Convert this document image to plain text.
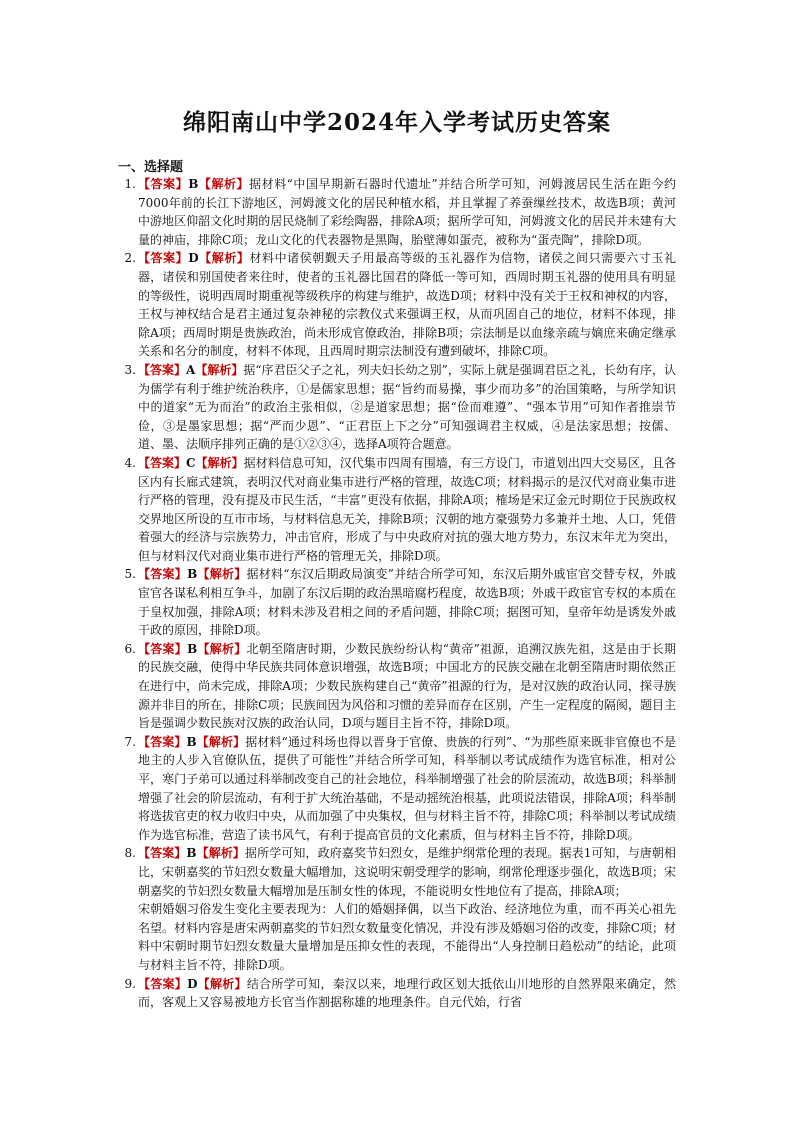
绵阳南山中学2024年入学考试历史答案
一、选择题

1. 【答案】B【解析】据材料“中国早期新石器时代遗址”并结合所学可知，河姆渡居民生活在距今约7000年前的长江下游地区，河姆渡文化的居民种植水稻，并且掌握了养蚕缫丝技术，故选B项；黄河中游地区仰韶文化时期的居民烧制了彩绘陶器，排除A项；据所学可知，河姆渡文化的居民并未建有大量的神庙，排除C项；龙山文化的代表器物是黑陶，胎壁薄如蛋壳，被称为“蛋壳陶”，排除D项。

2. 【答案】D【解析】材料中诸侯朝觐天子用最高等级的玉礼器作为信物，诸侯之间只需要六寸玉礼器，诸侯和别国使者来往时，使者的玉礼器比国君的降低一等可知，西周时期玉礼器的使用具有明显的等级性，说明西周时期重视等级秩序的构建与维护，故选D项；材料中没有关于王权和神权的内容，王权与神权结合是君主通过复杂神秘的宗教仪式来强调王权，从而巩固自己的地位，材料不体现，排除A项；西周时期是贵族政治，尚未形成官僚政治，排除B项；宗法制是以血缘亲疏与嫡庶来确定继承关系和名分的制度，材料不体现，且西周时期宗法制没有遭到破坏，排除C项。

3. 【答案】A【解析】据“序君臣父子之礼，列夫妇长幼之别”，实际上就是强调君臣之礼，长幼有序，认为儒学有利于维护统治秩序，①是儒家思想；据“旨约而易操，事少而功多”的治国策略，与所学知识中的道家“无为而治”的政治主张相似，②是道家思想；据“俭而难遵”、“强本节用”可知作者推崇节俭，③是墨家思想；据“严而少恩”、“正君臣上下之分”可知强调君主权威，④是法家思想；按儒、道、墨、法顺序排列正确的是①②③④，选择A项符合题意。

4. 【答案】C【解析】据材料信息可知，汉代集市四周有围墙，有三方设门，市道划出四大交易区，且各区内有长廊式建筑，表明汉代对商业集市进行严格的管理，故选C项；材料揭示的是汉代对商业集市进行严格的管理，没有提及市民生活，“丰富”更没有依据，排除A项；榷场是宋辽金元时期位于民族政权交界地区所设的互市市场，与材料信息无关，排除B项；汉朝的地方豪强势力多兼并土地、人口，凭借着强大的经济与宗族势力，冲击官府，形成了与中央政府对抗的强大地方势力，东汉末年尤为突出，但与材料汉代对商业集市进行严格的管理无关，排除D项。

5. 【答案】B【解析】据材料“东汉后期政局演变”并结合所学可知，东汉后期外戚宦官交替专权，外戚宦官各谋私利相互争斗，加剧了东汉后期的政治黑暗腐朽程度，故选B项；外戚干政宦官专权的本质在于皇权加强，排除A项；材料未涉及君相之间的矛盾问题，排除C项；据图可知，皇帝年幼是诱发外戚干政的原因，排除D项。

6. 【答案】B【解析】北朝至隋唐时期，少数民族纷纷认构“黄帝”祖源，追溯汉族先祖，这是由于长期的民族交融，使得中华民族共同体意识增强，故选B项；中国北方的民族交融在北朝至隋唐时期依然正在进行中，尚未完成，排除A项；少数民族构建自己“黄帝”祖源的行为，是对汉族的政治认同，探寻族源并非目的所在，排除C项；民族间因为风俗和习惯的差异而存在区别，产生一定程度的隔阂，题目主旨是强调少数民族对汉族的政治认同，D项与题目主旨不符，排除D项。

7. 【答案】B【解析】据材料“通过科场也得以晋身于官僚、贵族的行列”、“为那些原来既非官僚也不是地主的人步入官僚队伍，提供了可能性”并结合所学可知，科举制以考试成绩作为选官标准，相对公平，寒门子弟可以通过科举制改变自己的社会地位，科举制增强了社会的阶层流动，故选B项；科举制增强了社会的阶层流动，有利于扩大统治基础，不是动摇统治根基，此项说法错误，排除A项；科举制将选拔官吏的权力收归中央，从而加强了中央集权，但与材料主旨不符，排除C项；科举制以考试成绩作为选官标准，营造了读书风气，有利于提高官员的文化素质，但与材料主旨不符，排除D项。

8. 【答案】B【解析】据所学可知，政府嘉奖节妇烈女，是维护纲常伦理的表现。据表1可知，与唐朝相比，宋朝嘉奖的节妇烈女数量大幅增加，这说明宋朝受理学的影响，纲常伦理逐步强化，故选B项；宋朝嘉奖的节妇烈女数量大幅增加是压制女性的体现，不能说明女性地位有了提高，排除A项；

宋朝婚姻习俗发生变化主要表现为：人们的婚姻择偶，以当下政治、经济地位为重，而不再关心祖先名望。材料内容是唐宋两朝嘉奖的节妇烈女数量变化情况，并没有涉及婚姻习俗的改变，排除C项；材料中宋朝时期节妇烈女数量大量增加是压抑女性的表现，不能得出“人身控制日趋松动”的结论，此项与材料主旨不符，排除D项。

9. 【答案】D【解析】结合所学可知，秦汉以来，地理行政区划大抵依山川地形的自然界限来确定，然而，客观上又容易被地方长官当作割据称雄的地理条件。自元代始，行省
